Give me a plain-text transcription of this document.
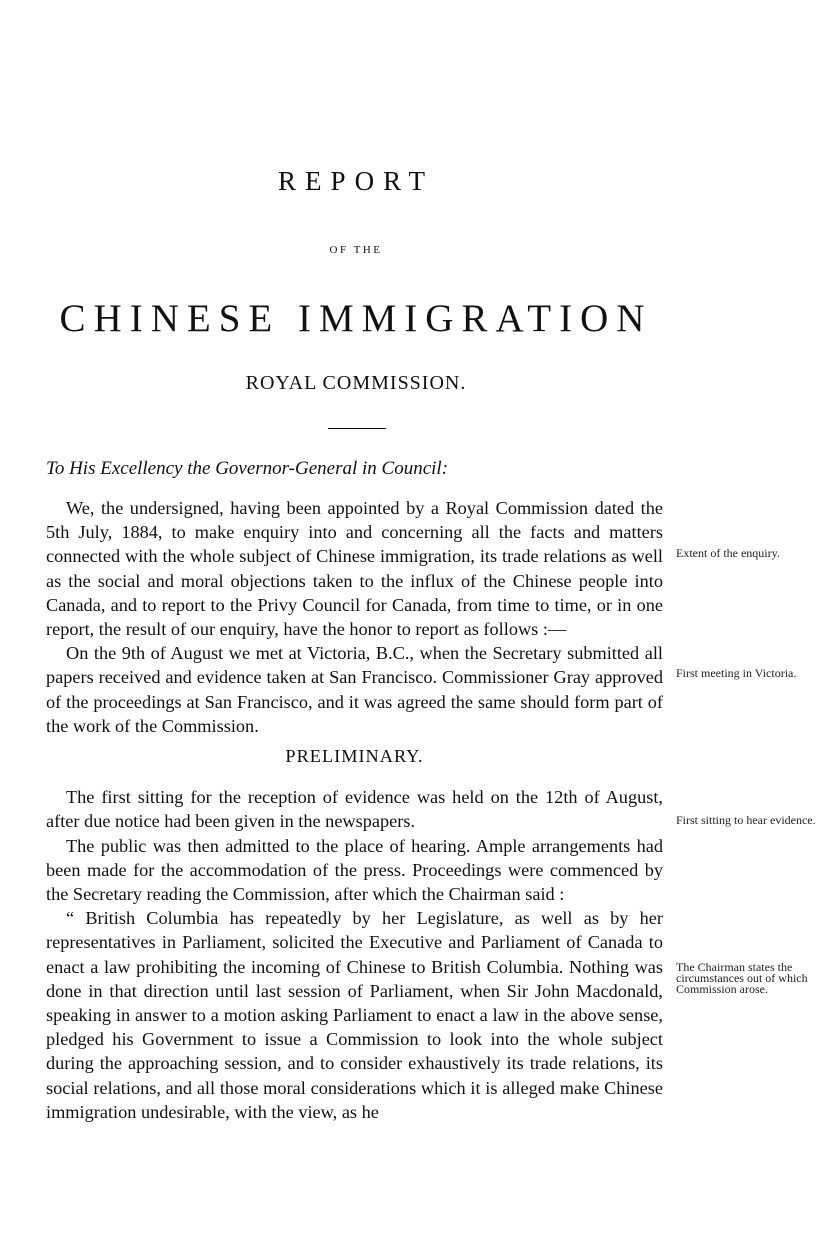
REPORT
OF THE
CHINESE IMMIGRATION
ROYAL COMMISSION.
To His Excellency the Governor-General in Council:

We, the undersigned, having been appointed by a Royal Commission dated the 5th July, 1884, to make enquiry into and concerning all the facts and matters connected with the whole subject of Chinese immigration, its trade relations as well as the social and moral objections taken to the influx of the Chinese people into Canada, and to report to the Privy Council for Canada, from time to time, or in one report, the result of our enquiry, have the honor to report as follows :—

On the 9th of August we met at Victoria, B.C., when the Secretary submitted all papers received and evidence taken at San Francisco. Commissioner Gray approved of the proceedings at San Francisco, and it was agreed the same should form part of the work of the Commission.

PRELIMINARY.

The first sitting for the reception of evidence was held on the 12th of August, after due notice had been given in the newspapers.

The public was then admitted to the place of hearing. Ample arrangements had been made for the accommodation of the press. Proceedings were commenced by the Secretary reading the Commission, after which the Chairman said :

“ British Columbia has repeatedly by her Legislature, as well as by her representatives in Parliament, solicited the Executive and Parliament of Canada to enact a law prohibiting the incoming of Chinese to British Columbia. Nothing was done in that direction until last session of Parliament, when Sir John Macdonald, speaking in answer to a motion asking Parliament to enact a law in the above sense, pledged his Government to issue a Commission to look into the whole subject during the approaching session, and to consider exhaustively its trade relations, its social relations, and all those moral considerations which it is alleged make Chinese immigration undesirable, with the view, as he

Extent of the enquiry.
First meeting in Victoria.
First sitting to hear evidence.
The Chairman states the circumstances out of which Commission arose.
